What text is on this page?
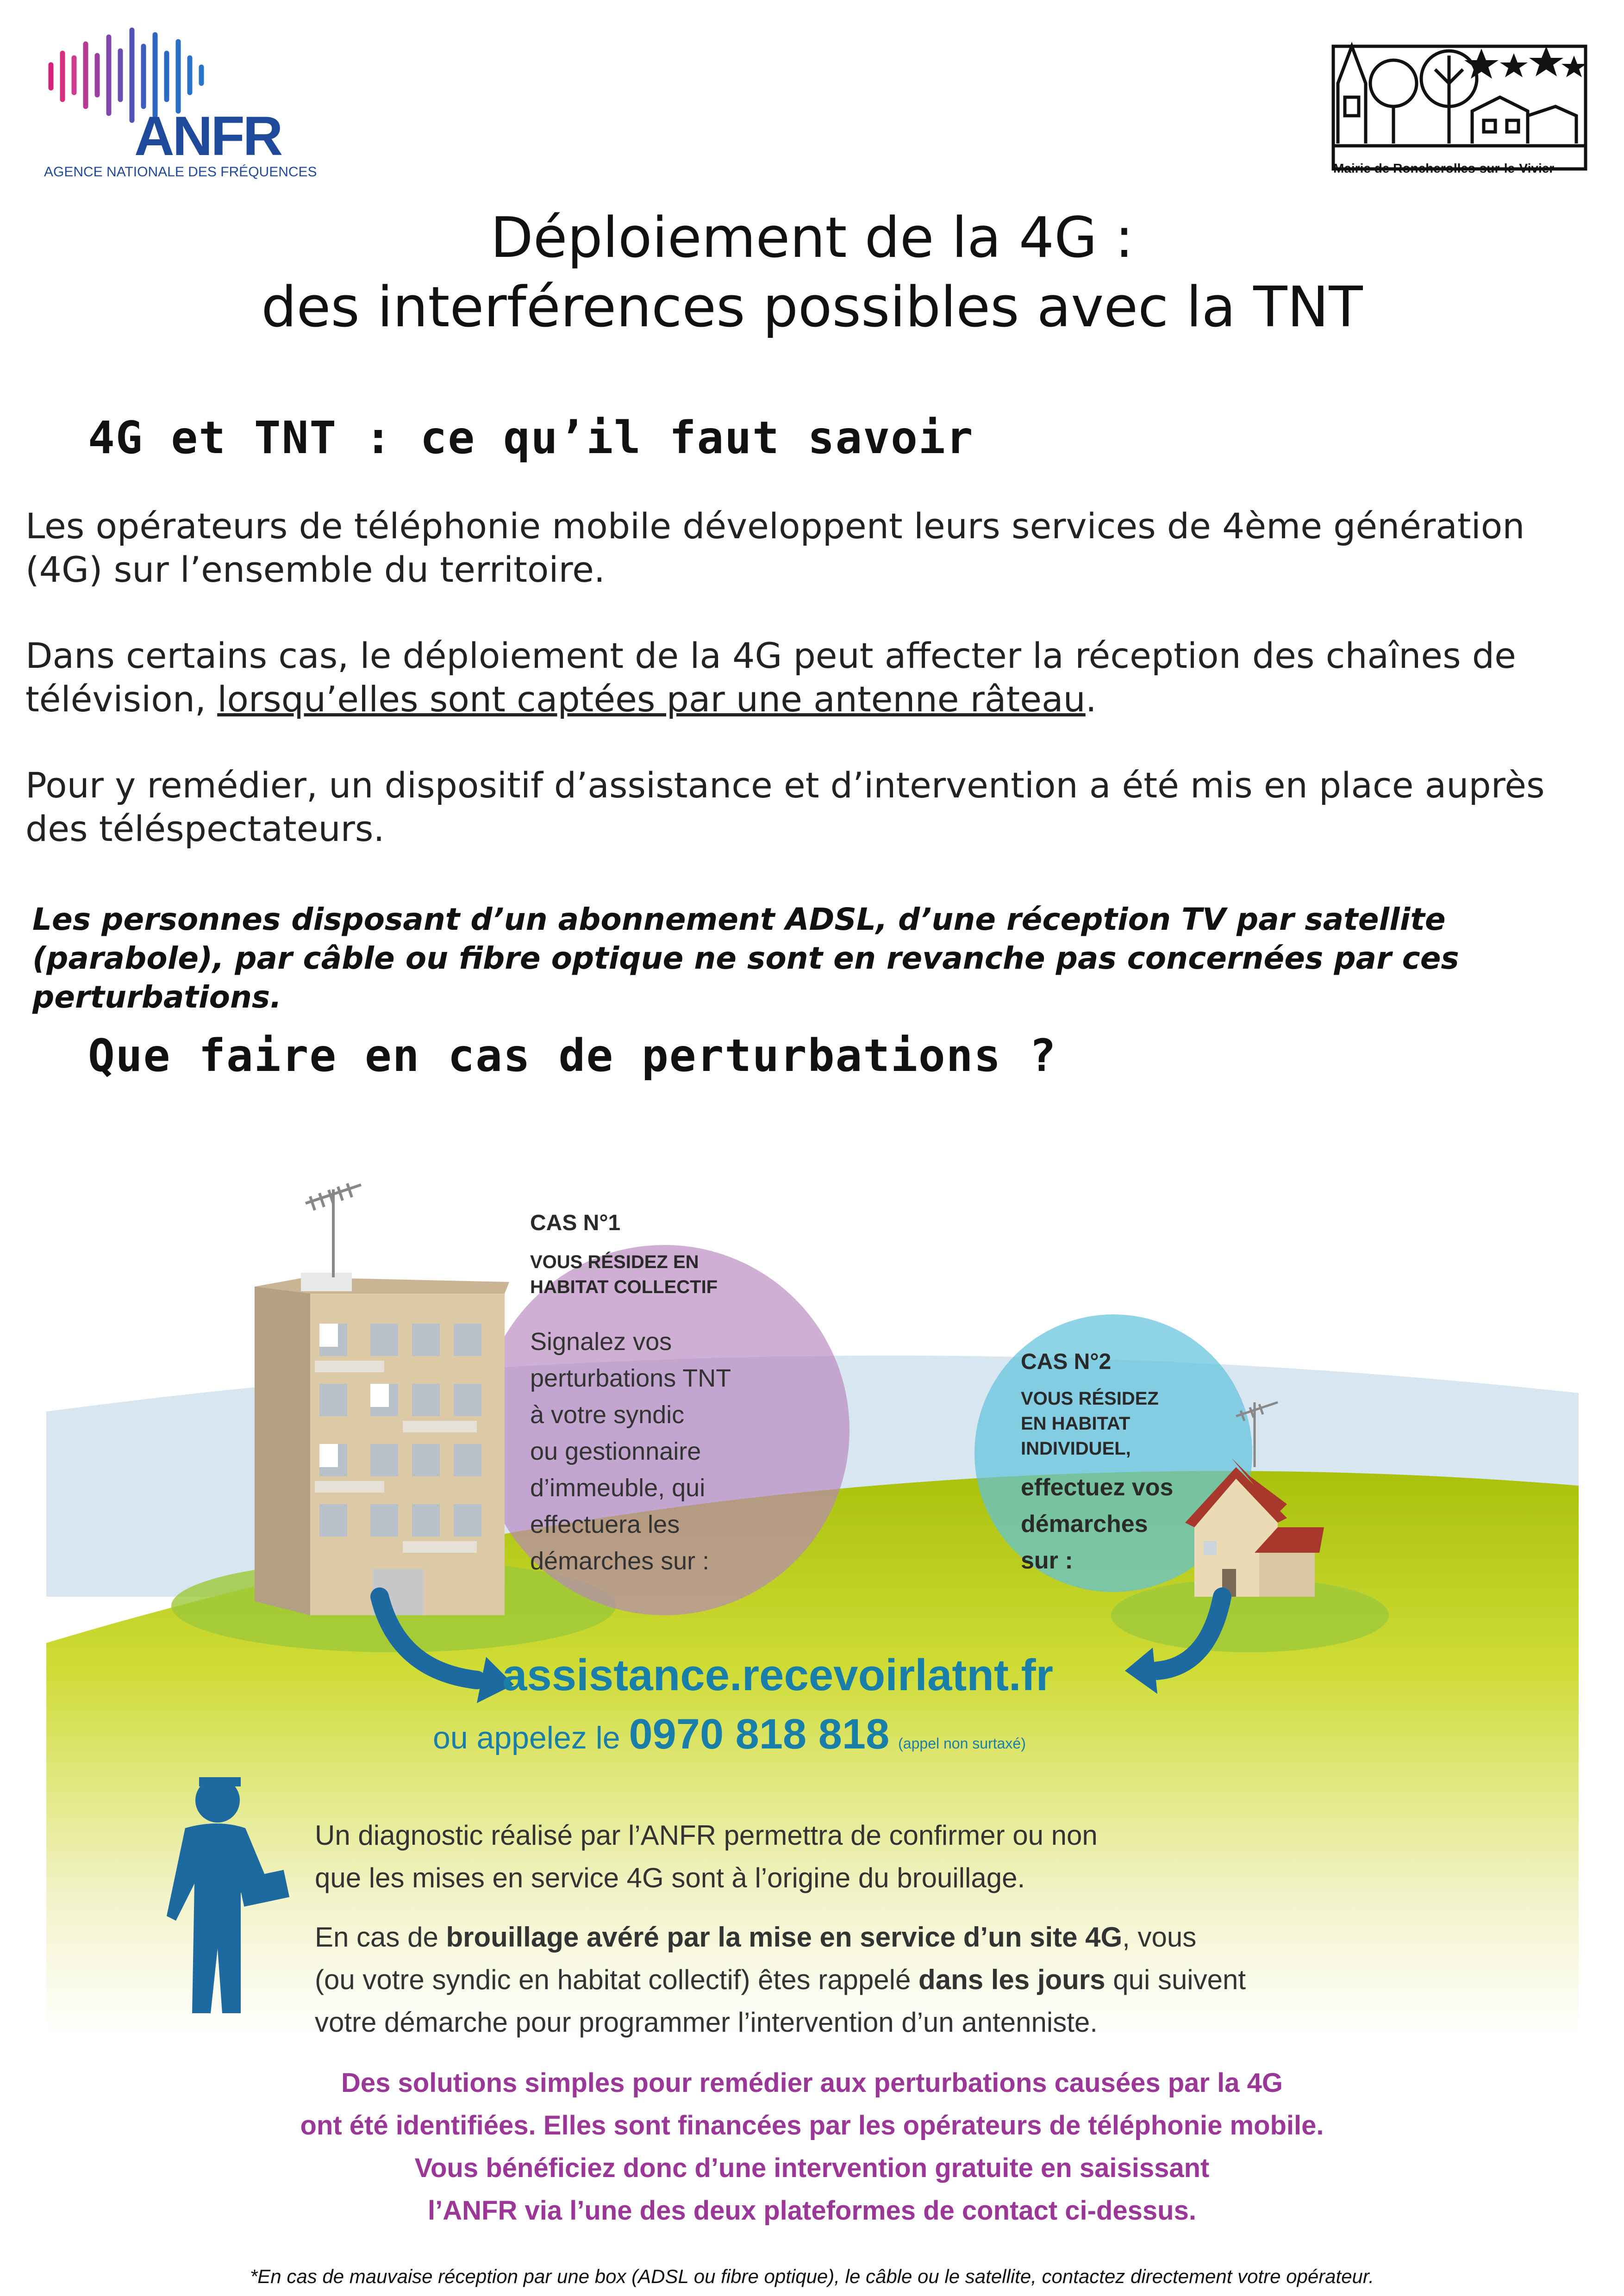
ANFR
AGENCE NATIONALE DES FRÉQUENCES	Mairie de Roncherolles-sur-le-Vivier
Déploiement de la 4G :
des interférences possibles avec la TNT
4G et TNT : ce qu’il faut savoir
Les opérateurs de téléphonie mobile développent leurs services de 4ème génération (4G) sur l’ensemble du territoire.
Dans certains cas, le déploiement de la 4G peut affecter la réception des chaînes de télévision, lorsqu’elles sont captées par une antenne râteau.
Pour y remédier, un dispositif d’assistance et d’intervention a été mis en place auprès des téléspectateurs.
Les personnes disposant d’un abonnement ADSL, d’une réception TV par satellite (parabole), par câble ou fibre optique ne sont en revanche pas concernées par ces perturbations.
Que faire en cas de perturbations ?
CAS N°1
VOUS RÉSIDEZ EN
HABITAT COLLECTIF
Signalez vos
perturbations TNT
à votre syndic
ou gestionnaire
d’immeuble, qui
effectuera les
démarches sur :
CAS N°2
VOUS RÉSIDEZ
EN HABITAT
INDIVIDUEL,
effectuez vos
démarches
sur :
assistance.recevoirlatnt.fr
ou appelez le 0970 818 818 (appel non surtaxé)
Un diagnostic réalisé par l’ANFR permettra de confirmer ou non
que les mises en service 4G sont à l’origine du brouillage.
En cas de brouillage avéré par la mise en service d’un site 4G, vous
(ou votre syndic en habitat collectif) êtes rappelé dans les jours qui suivent
votre démarche pour programmer l’intervention d’un antenniste.
Des solutions simples pour remédier aux perturbations causées par la 4G
ont été identifiées. Elles sont financées par les opérateurs de téléphonie mobile.
Vous bénéficiez donc d’une intervention gratuite en saisissant
l’ANFR via l’une des deux plateformes de contact ci-dessus.
*En cas de mauvaise réception par une box (ADSL ou fibre optique), le câble ou le satellite, contactez directement votre opérateur.
